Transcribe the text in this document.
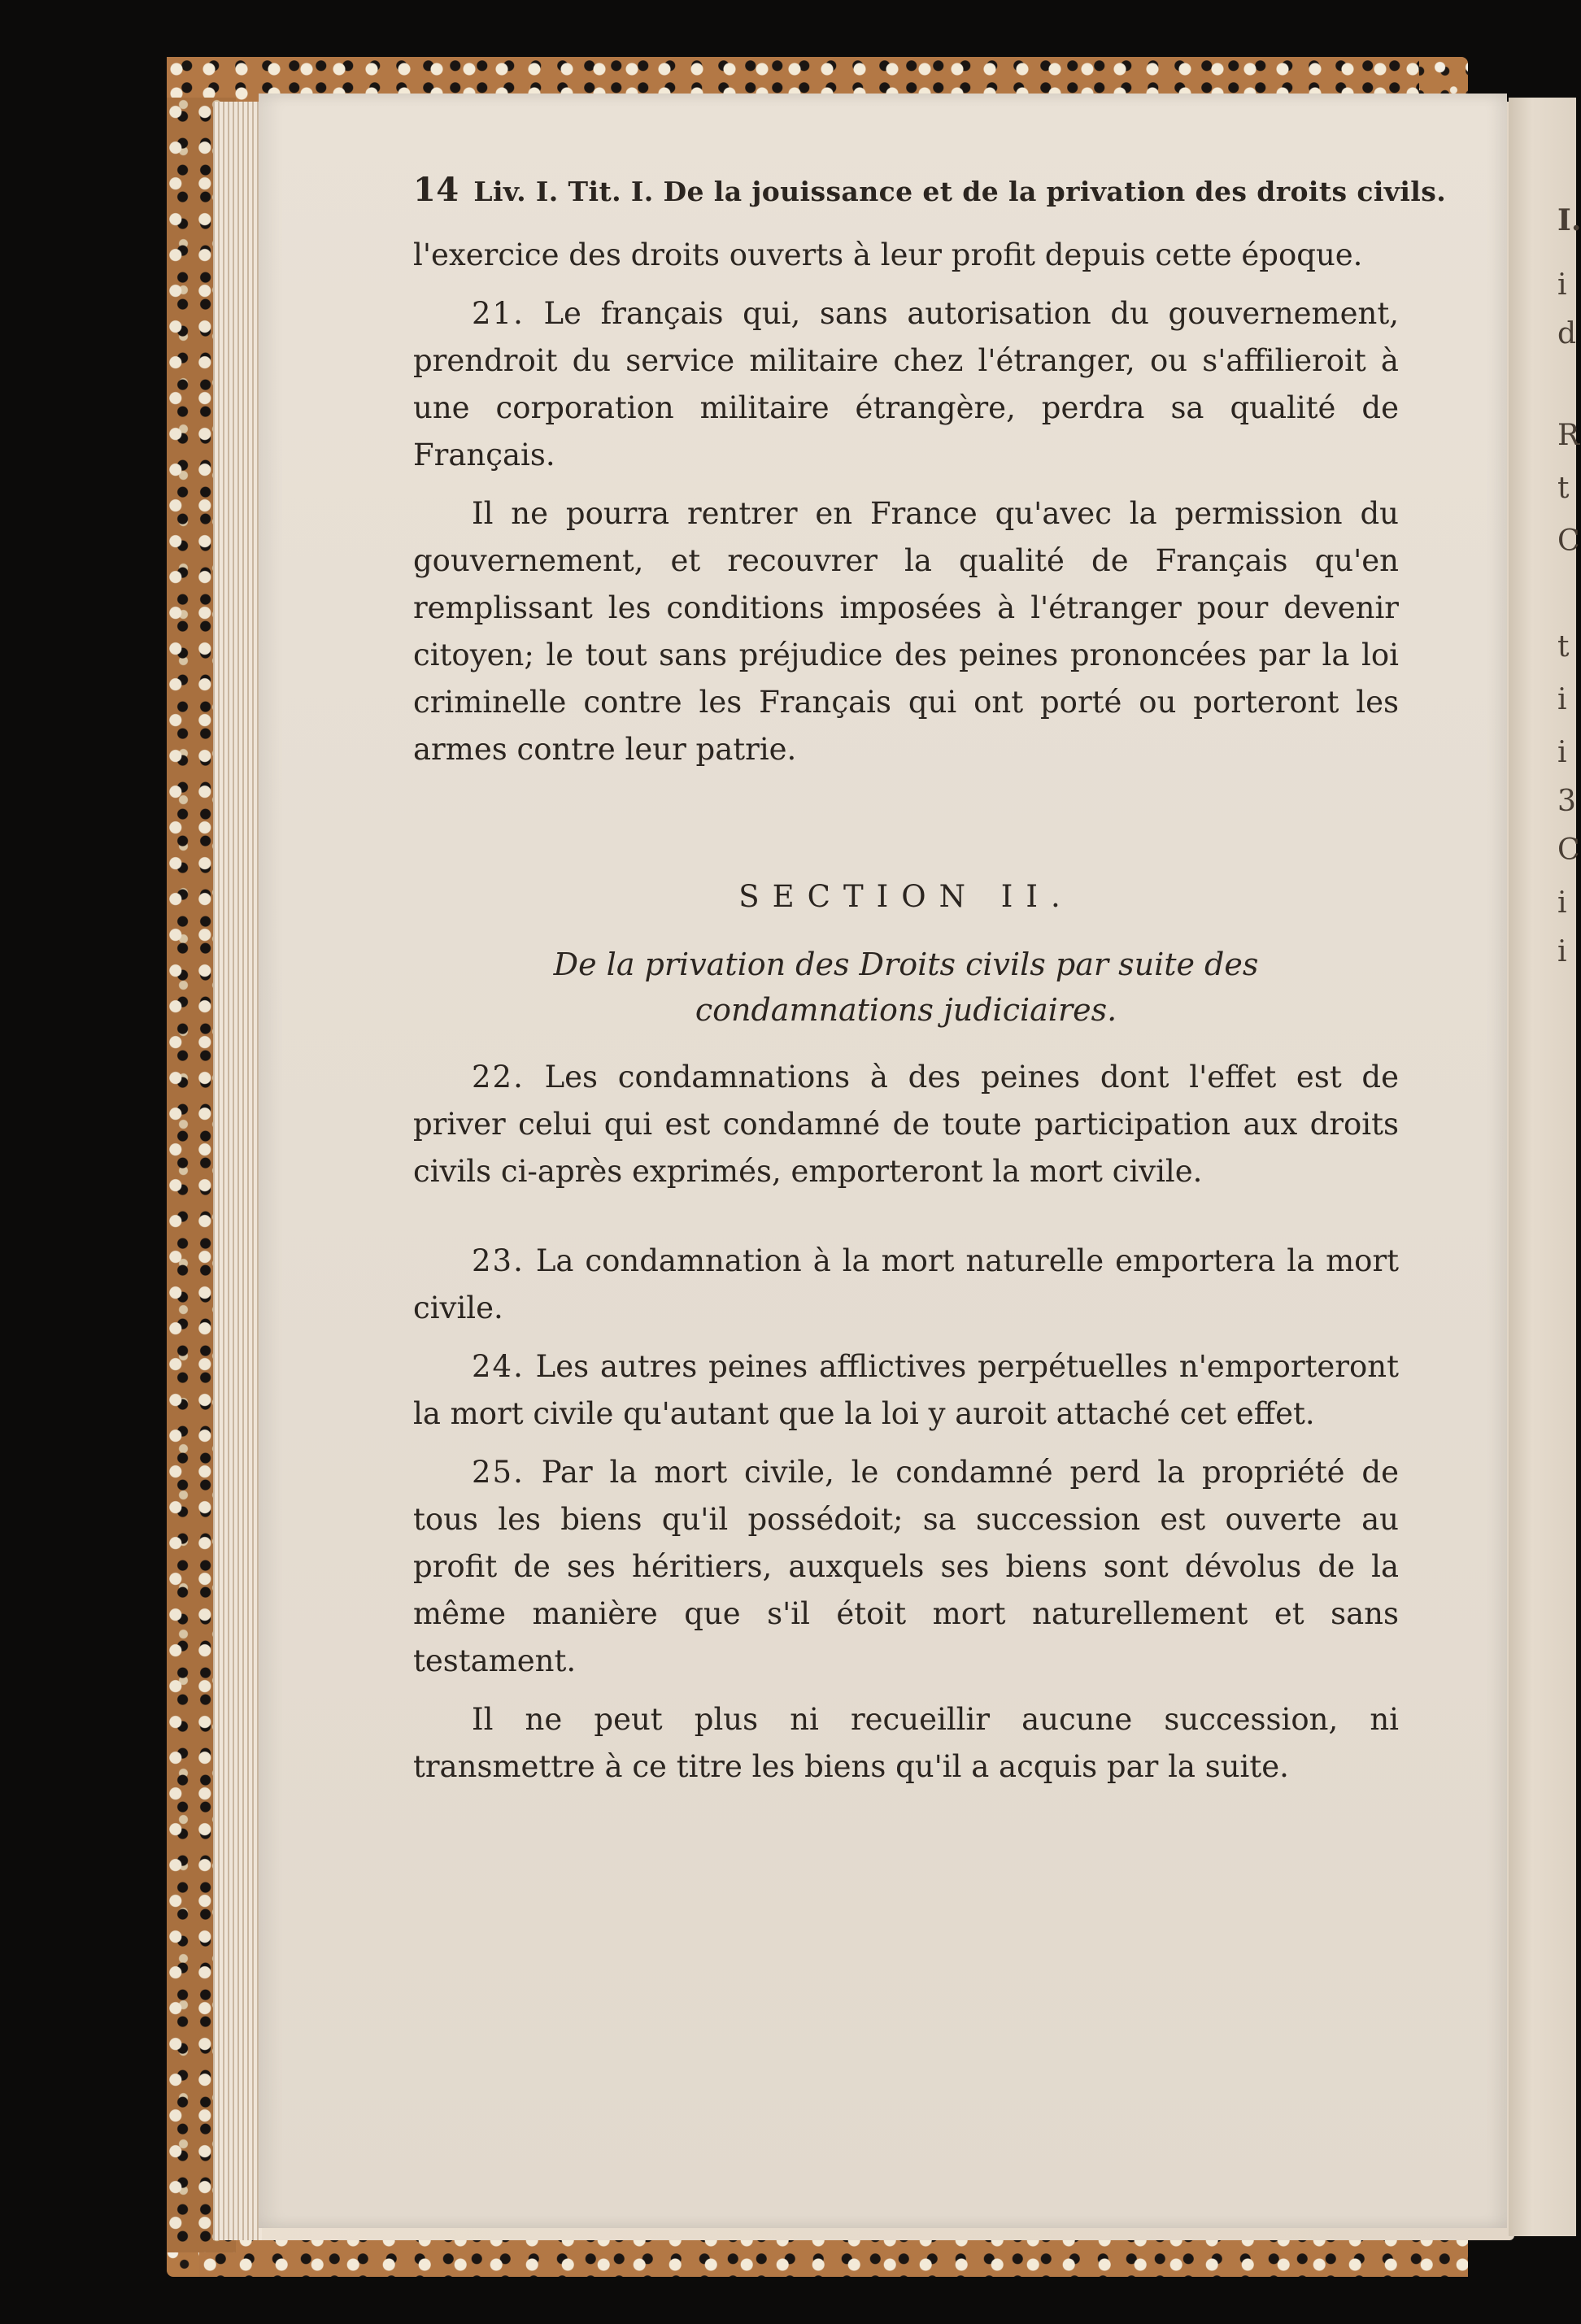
I.
i
d
R
t
C
t
i
i
3
C
i
i
14 Liv. I. Tit. I. De la jouissance et de la privation des droits civils.

l'exercice des droits ouverts à leur profit depuis cette époque.

21. Le français qui, sans autorisation du gouvernement, prendroit du service militaire chez l'étranger, ou s'affilieroit à une corporation militaire étrangère, perdra sa qualité de Français.

Il ne pourra rentrer en France qu'avec la permission du gouvernement, et recouvrer la qualité de Français qu'en remplissant les conditions imposées à l'étranger pour devenir citoyen; le tout sans préjudice des peines prononcées par la loi criminelle contre les Français qui ont porté ou porteront les armes contre leur patrie.

SECTION II.
De la privation des Droits civils par suite des condamnations judiciaires.

22. Les condamnations à des peines dont l'effet est de priver celui qui est condamné de toute participation aux droits civils ci-après exprimés, emporteront la mort civile.

23. La condamnation à la mort naturelle emportera la mort civile.

24. Les autres peines afflictives perpétuelles n'emporteront la mort civile qu'autant que la loi y auroit attaché cet effet.

25. Par la mort civile, le condamné perd la propriété de tous les biens qu'il possédoit; sa succession est ouverte au profit de ses héritiers, auxquels ses biens sont dévolus de la même manière que s'il étoit mort naturellement et sans testament.

Il ne peut plus ni recueillir aucune succession, ni transmettre à ce titre les biens qu'il a acquis par la suite.
